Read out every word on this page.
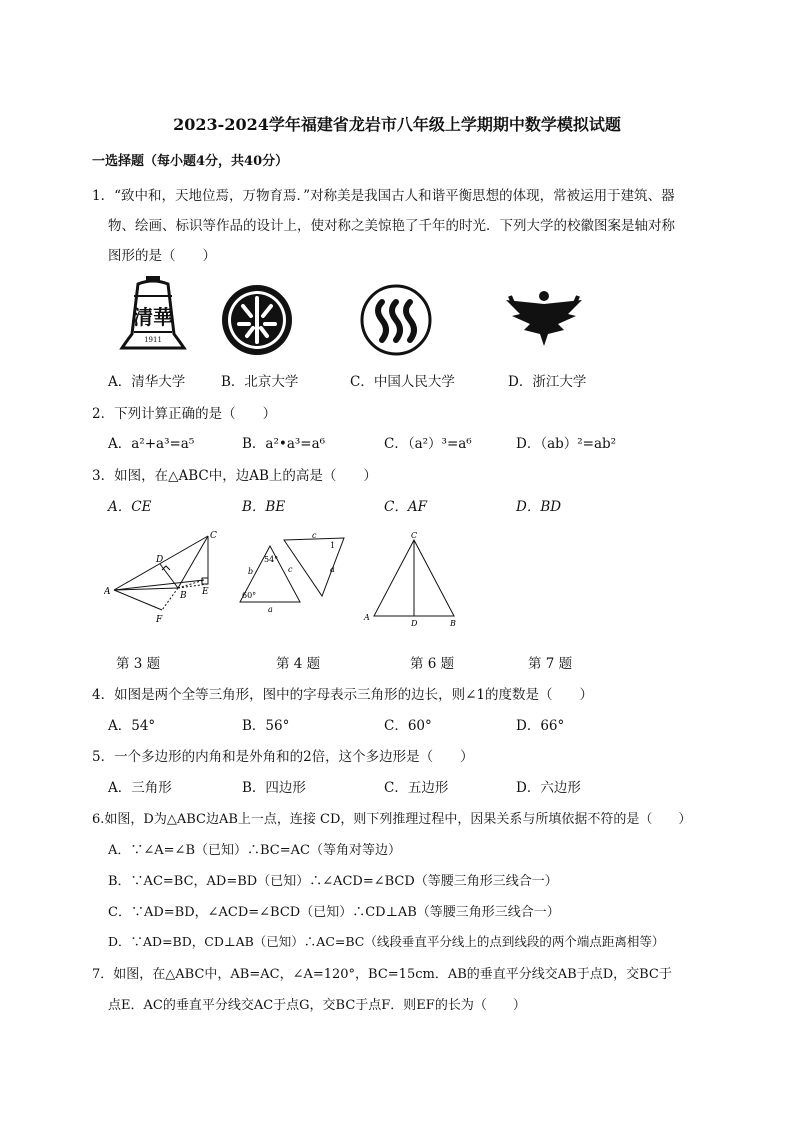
2023-2024学年福建省龙岩市八年级上学期期中数学模拟试题
一选择题（每小题4分，共40分）
1．“致中和，天地位焉，万物育焉．”对称美是我国古人和谐平衡思想的体现，常被运用于建筑、器
物、绘画、标识等作品的设计上，使对称之美惊艳了千年的时光．下列大学的校徽图案是轴对称
图形的是（　　）
清華
1911
A．清华大学	B．北京大学	C．中国人民大学	D．浙江大学
2．下列计算正确的是（　　）
A．a²+a³=a⁵	B．a²•a³=a⁶	C．（a²）³=a⁶	D．（ab）²=ab²
3．如图，在△ABC中，边AB上的高是（　　）
A．CE	B．BE	C．AF	D．BD
A	B
C
D
E
F
54°
60°
1
b	c
a
c
a
C
A
D	B
第 3 题	第 4 题	第 6 题	第 7 题
4．如图是两个全等三角形，图中的字母表示三角形的边长，则∠1的度数是（　　）
A．54°	B．56°	C．60°	D．66°
5．一个多边形的内角和是外角和的2倍，这个多边形是（　　）
A．三角形	B．四边形	C．五边形	D．六边形
6.如图，D为△ABC边AB上一点，连接 CD，则下列推理过程中，因果关系与所填依据不符的是（　　）
A．∵∠A=∠B（已知）∴BC=AC（等角对等边）
B．∵AC=BC，AD=BD（已知）∴∠ACD=∠BCD（等腰三角形三线合一）
C．∵AD=BD，∠ACD=∠BCD（已知）∴CD⊥AB（等腰三角形三线合一）
D．∵AD=BD，CD⊥AB（已知）∴AC=BC（线段垂直平分线上的点到线段的两个端点距离相等）
7．如图，在△ABC中，AB=AC，∠A=120°，BC=15cm．AB的垂直平分线交AB于点D，交BC于
点E．AC的垂直平分线交AC于点G，交BC于点F．则EF的长为（　　）
